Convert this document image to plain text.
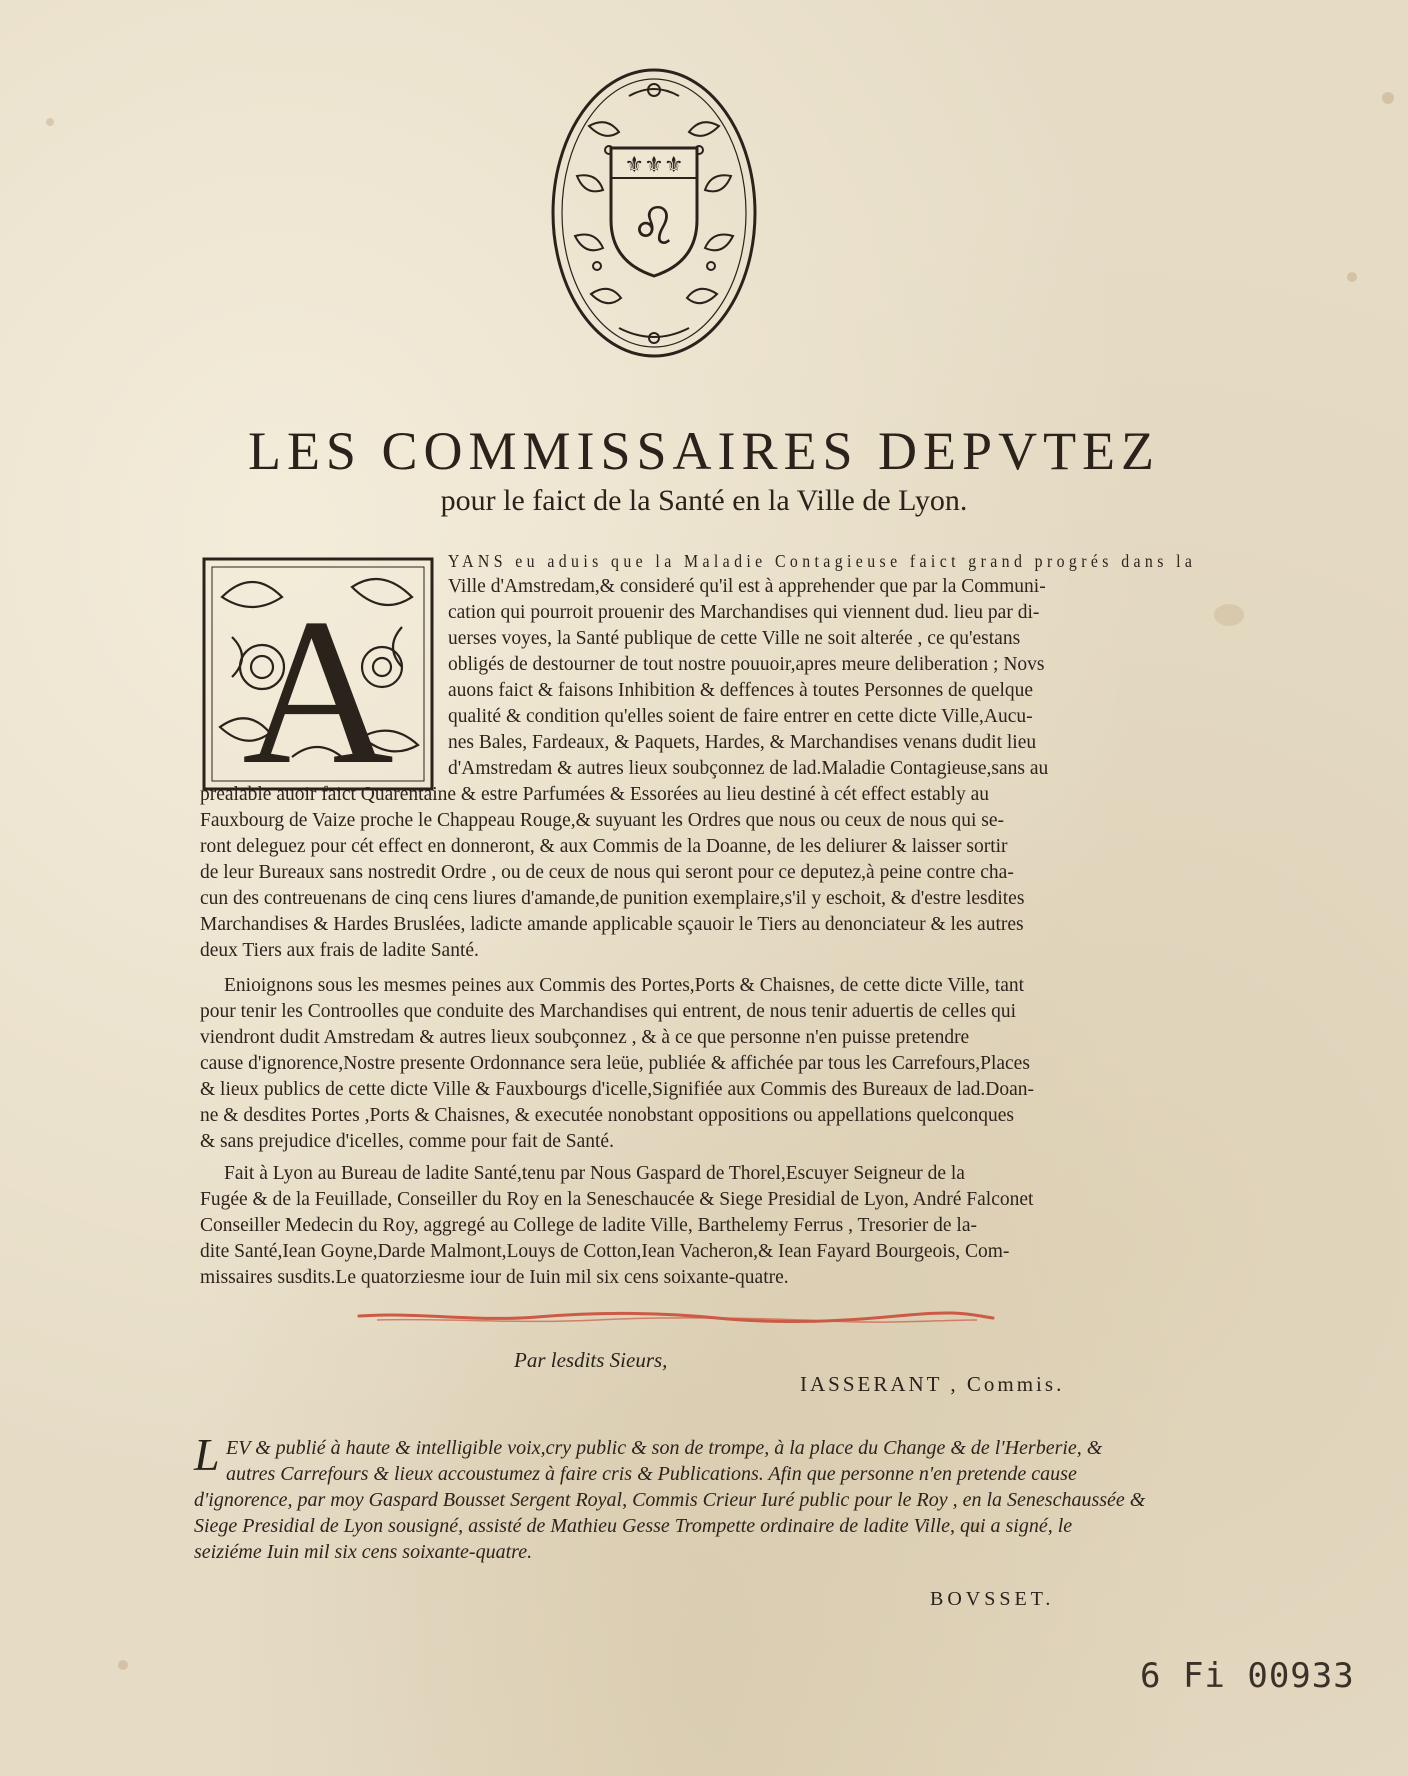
⚜⚜⚜
♌
LES COMMISSAIRES DEPVTEZ
pour le faict de la Santé en la Ville de Lyon.
A

YANS eu aduis que la Maladie Contagieuse faict grand progrés dans la

Ville d'Amstredam,& consideré qu'il est à apprehender que par la Communi-

cation qui pourroit prouenir des Marchandises qui viennent dud. lieu par di-

uerses voyes, la Santé publique de cette Ville ne soit alterée , ce qu'estans

obligés de destourner de tout nostre pouuoir,apres meure deliberation ; Novs

auons faict & faisons Inhibition & deffences à toutes Personnes de quelque

qualité & condition qu'elles soient de faire entrer en cette dicte Ville,Aucu-

nes Bales, Fardeaux, & Paquets, Hardes, & Marchandises venans dudit lieu

d'Amstredam & autres lieux soubçonnez de lad.Maladie Contagieuse,sans au

prealable auoir faict Quarentaine & estre Parfumées & Essorées au lieu destiné à cét effect estably au

Fauxbourg de Vaize proche le Chappeau Rouge,& suyuant les Ordres que nous ou ceux de nous qui se-

ront deleguez pour cét effect en donneront, & aux Commis de la Doanne, de les deliurer & laisser sortir

de leur Bureaux sans nostredit Ordre , ou de ceux de nous qui seront pour ce deputez,à peine contre cha-

cun des contreuenans de cinq cens liures d'amande,de punition exemplaire,s'il y eschoit, & d'estre lesdites

Marchandises & Hardes Bruslées, ladicte amande applicable sçauoir le Tiers au denonciateur & les autres

deux Tiers aux frais de ladite Santé.

Enioignons sous les mesmes peines aux Commis des Portes,Ports & Chaisnes, de cette dicte Ville, tant

pour tenir les Controolles que conduite des Marchandises qui entrent, de nous tenir aduertis de celles qui

viendront dudit Amstredam & autres lieux soubçonnez , & à ce que personne n'en puisse pretendre

cause d'ignorence,Nostre presente Ordonnance sera leüe, publiée & affichée par tous les Carrefours,Places

& lieux publics de cette dicte Ville & Fauxbourgs d'icelle,Signifiée aux Commis des Bureaux de lad.Doan-

ne & desdites Portes ,Ports & Chaisnes, & executée nonobstant oppositions ou appellations quelconques

& sans prejudice d'icelles, comme pour fait de Santé.

Fait à Lyon au Bureau de ladite Santé,tenu par Nous Gaspard de Thorel,Escuyer Seigneur de la

Fugée & de la Feuillade, Conseiller du Roy en la Seneschaucée & Siege Presidial de Lyon, André Falconet

Conseiller Medecin du Roy, aggregé au College de ladite Ville, Barthelemy Ferrus , Tresorier de la-

dite Santé,Iean Goyne,Darde Malmont,Louys de Cotton,Iean Vacheron,& Iean Fayard Bourgeois, Com-

missaires susdits.Le quatorziesme iour de Iuin mil six cens soixante-quatre.

Par lesdits Sieurs,
IASSERANT , Commis.
L EV & publié à haute & intelligible voix,cry public & son de trompe, à la place du Change & de l'Herberie, &

autres Carrefours & lieux accoustumez à faire cris & Publications. Afin que personne n'en pretende cause

d'ignorence, par moy Gaspard Bousset Sergent Royal, Commis Crieur Iuré public pour le Roy , en la Seneschaussée &

Siege Presidial de Lyon sousigné, assisté de Mathieu Gesse Trompette ordinaire de ladite Ville, qui a signé, le

seiziéme Iuin mil six cens soixante-quatre.

BOVSSET.
6 Fi 00933
